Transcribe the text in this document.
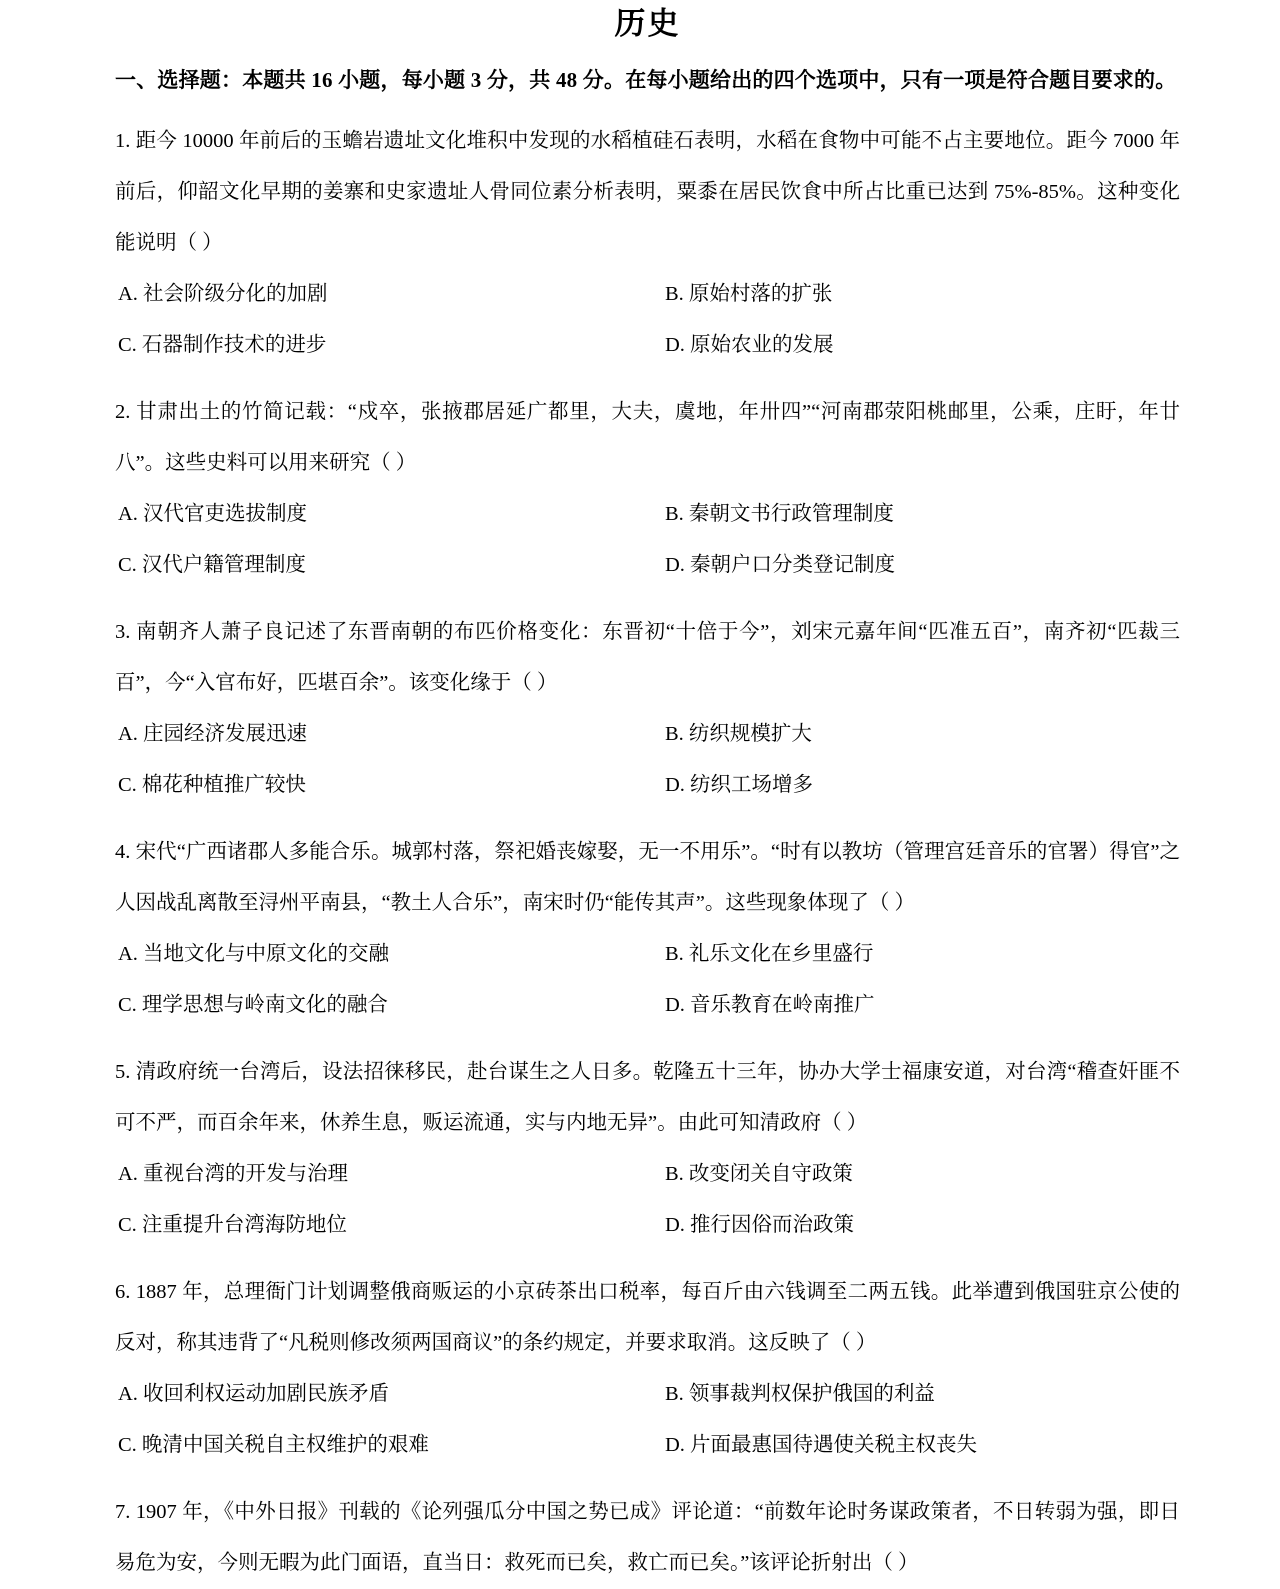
历史
一、选择题：本题共 16 小题，每小题 3 分，共 48 分。在每小题给出的四个选项中，只有一项是符合题目要求的。
1. 距今 10000 年前后的玉蟾岩遗址文化堆积中发现的水稻植硅石表明，水稻在食物中可能不占主要地位。距今 7000 年前后，仰韶文化早期的姜寨和史家遗址人骨同位素分析表明，粟黍在居民饮食中所占比重已达到 75%-85%。这种变化能说明（ ）
A. 社会阶级分化的加剧	B. 原始村落的扩张
C. 石器制作技术的进步	D. 原始农业的发展
2. 甘肃出土的竹简记载：“戍卒，张掖郡居延广都里，大夫，虞地，年卅四”“河南郡荥阳桃邮里，公乘，庄盱，年廿八”。这些史料可以用来研究（ ）
A. 汉代官吏选拔制度	B. 秦朝文书行政管理制度
C. 汉代户籍管理制度	D. 秦朝户口分类登记制度
3. 南朝齐人萧子良记述了东晋南朝的布匹价格变化：东晋初“十倍于今”，刘宋元嘉年间“匹准五百”，南齐初“匹裁三百”，今“入官布好，匹堪百余”。该变化缘于（ ）
A. 庄园经济发展迅速	B. 纺织规模扩大
C. 棉花种植推广较快	D. 纺织工场增多
4. 宋代“广西诸郡人多能合乐。城郭村落，祭祀婚丧嫁娶，无一不用乐”。“时有以教坊（管理宫廷音乐的官署）得官”之人因战乱离散至浔州平南县，“教土人合乐”，南宋时仍“能传其声”。这些现象体现了（ ）
A. 当地文化与中原文化的交融	B. 礼乐文化在乡里盛行
C. 理学思想与岭南文化的融合	D. 音乐教育在岭南推广
5. 清政府统一台湾后，设法招徕移民，赴台谋生之人日多。乾隆五十三年，协办大学士福康安道，对台湾“稽查奸匪不可不严，而百余年来，休养生息，贩运流通，实与内地无异”。由此可知清政府（ ）
A. 重视台湾的开发与治理	B. 改变闭关自守政策
C. 注重提升台湾海防地位	D. 推行因俗而治政策
6. 1887 年，总理衙门计划调整俄商贩运的小京砖茶出口税率，每百斤由六钱调至二两五钱。此举遭到俄国驻京公使的反对，称其违背了“凡税则修改须两国商议”的条约规定，并要求取消。这反映了（ ）
A. 收回利权运动加剧民族矛盾	B. 领事裁判权保护俄国的利益
C. 晚清中国关税自主权维护的艰难	D. 片面最惠国待遇使关税主权丧失
7. 1907 年，《中外日报》刊载的《论列强瓜分中国之势已成》评论道：“前数年论时务谋政策者，不日转弱为强，即日易危为安，今则无暇为此门面语，直当日：救死而已矣，救亡而已矣。”该评论折射出（ ）
